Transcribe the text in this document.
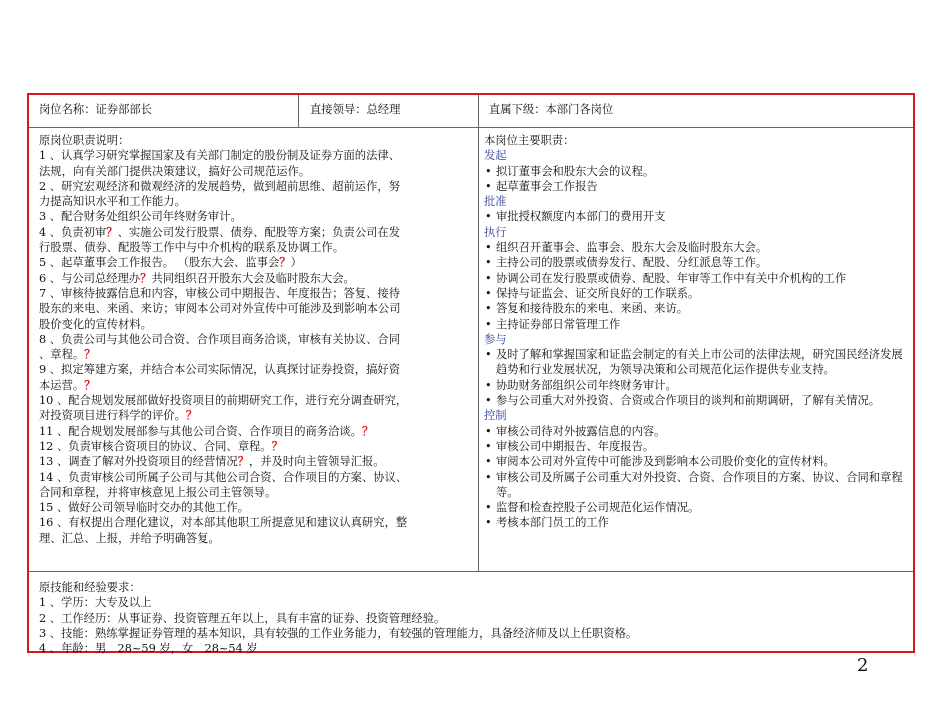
岗位名称：证券部部长	直接领导：总经理	直属下级：本部门各岗位
原岗位职责说明：
1 、认真学习研究掌握国家及有关部门制定的股份制及证券方面的法律、
法规，向有关部门提供决策建议，搞好公司规范运作。
2 、研究宏观经济和微观经济的发展趋势，做到超前思维、超前运作，努
力提高知识水平和工作能力。
3 、配合财务处组织公司年终财务审计。
4 、负责初审？、实施公司发行股票、债券、配股等方案；负责公司在发
行股票、债券、配股等工作中与中介机构的联系及协调工作。
5 、起草董事会工作报告。 （股东大会、监事会？）
6 、与公司总经理办？共同组织召开股东大会及临时股东大会。
7 、审核待披露信息和内容，审核公司中期报告、年度报告；答复、接待
股东的来电、来函、来访；审阅本公司对外宣传中可能涉及到影响本公司
股价变化的宣传材料。
8 、负责公司与其他公司合资、合作项目商务洽谈，审核有关协议、合同
、章程。？
9 、拟定筹建方案，并结合本公司实际情况，认真探讨证券投资，搞好资
本运营。？
10 、配合规划发展部做好投资项目的前期研究工作，进行充分调查研究，
对投资项目进行科学的评价。？
11 、配合规划发展部参与其他公司合资、合作项目的商务洽谈。？
12 、负责审核合资项目的协议、合同、章程。？
13 、调查了解对外投资项目的经营情况？，并及时向主管领导汇报。
14 、负责审核公司所属子公司与其他公司合资、合作项目的方案、协议、
合同和章程，并将审核意见上报公司主管领导。
15 、做好公司领导临时交办的其他工作。
16 、有权提出合理化建议，对本部其他职工所提意见和建议认真研究，整
理、汇总、上报，并给予明确答复。
本岗位主要职责：
发起
• 拟订董事会和股东大会的议程。
• 起草董事会工作报告
批准
• 审批授权额度内本部门的费用开支
执行
• 组织召开董事会、监事会、股东大会及临时股东大会。
• 主持公司的股票或债券发行、配股、分红派息等工作。
• 协调公司在发行股票或债券、配股、年审等工作中有关中介机构的工作
• 保持与证监会、证交所良好的工作联系。
• 答复和接待股东的来电、来函、来访。
• 主持证券部日常管理工作
参与
• 及时了解和掌握国家和证监会制定的有关上市公司的法律法规，研究国民经济发展趋势和行业发展状况，为领导决策和公司规范化运作提供专业支持。
• 协助财务部组织公司年终财务审计。
• 参与公司重大对外投资、合资或合作项目的谈判和前期调研，了解有关情况。
控制
• 审核公司待对外披露信息的内容。
• 审核公司中期报告、年度报告。
• 审阅本公司对外宣传中可能涉及到影响本公司股价变化的宣传材料。
• 审核公司及所属子公司重大对外投资、合资、合作项目的方案、协议、合同和章程等。
• 监督和检查控股子公司规范化运作情况。
• 考核本部门员工的工作
原技能和经验要求：
1 、学历：大专及以上
2 、工作经历：从事证券、投资管理五年以上，具有丰富的证券、投资管理经验。
3 、技能：熟练掌握证券管理的基本知识，具有较强的工作业务能力，有较强的管理能力，具备经济师及以上任职资格。
4 、年龄：男　28~59 岁，女　28~54 岁
2
